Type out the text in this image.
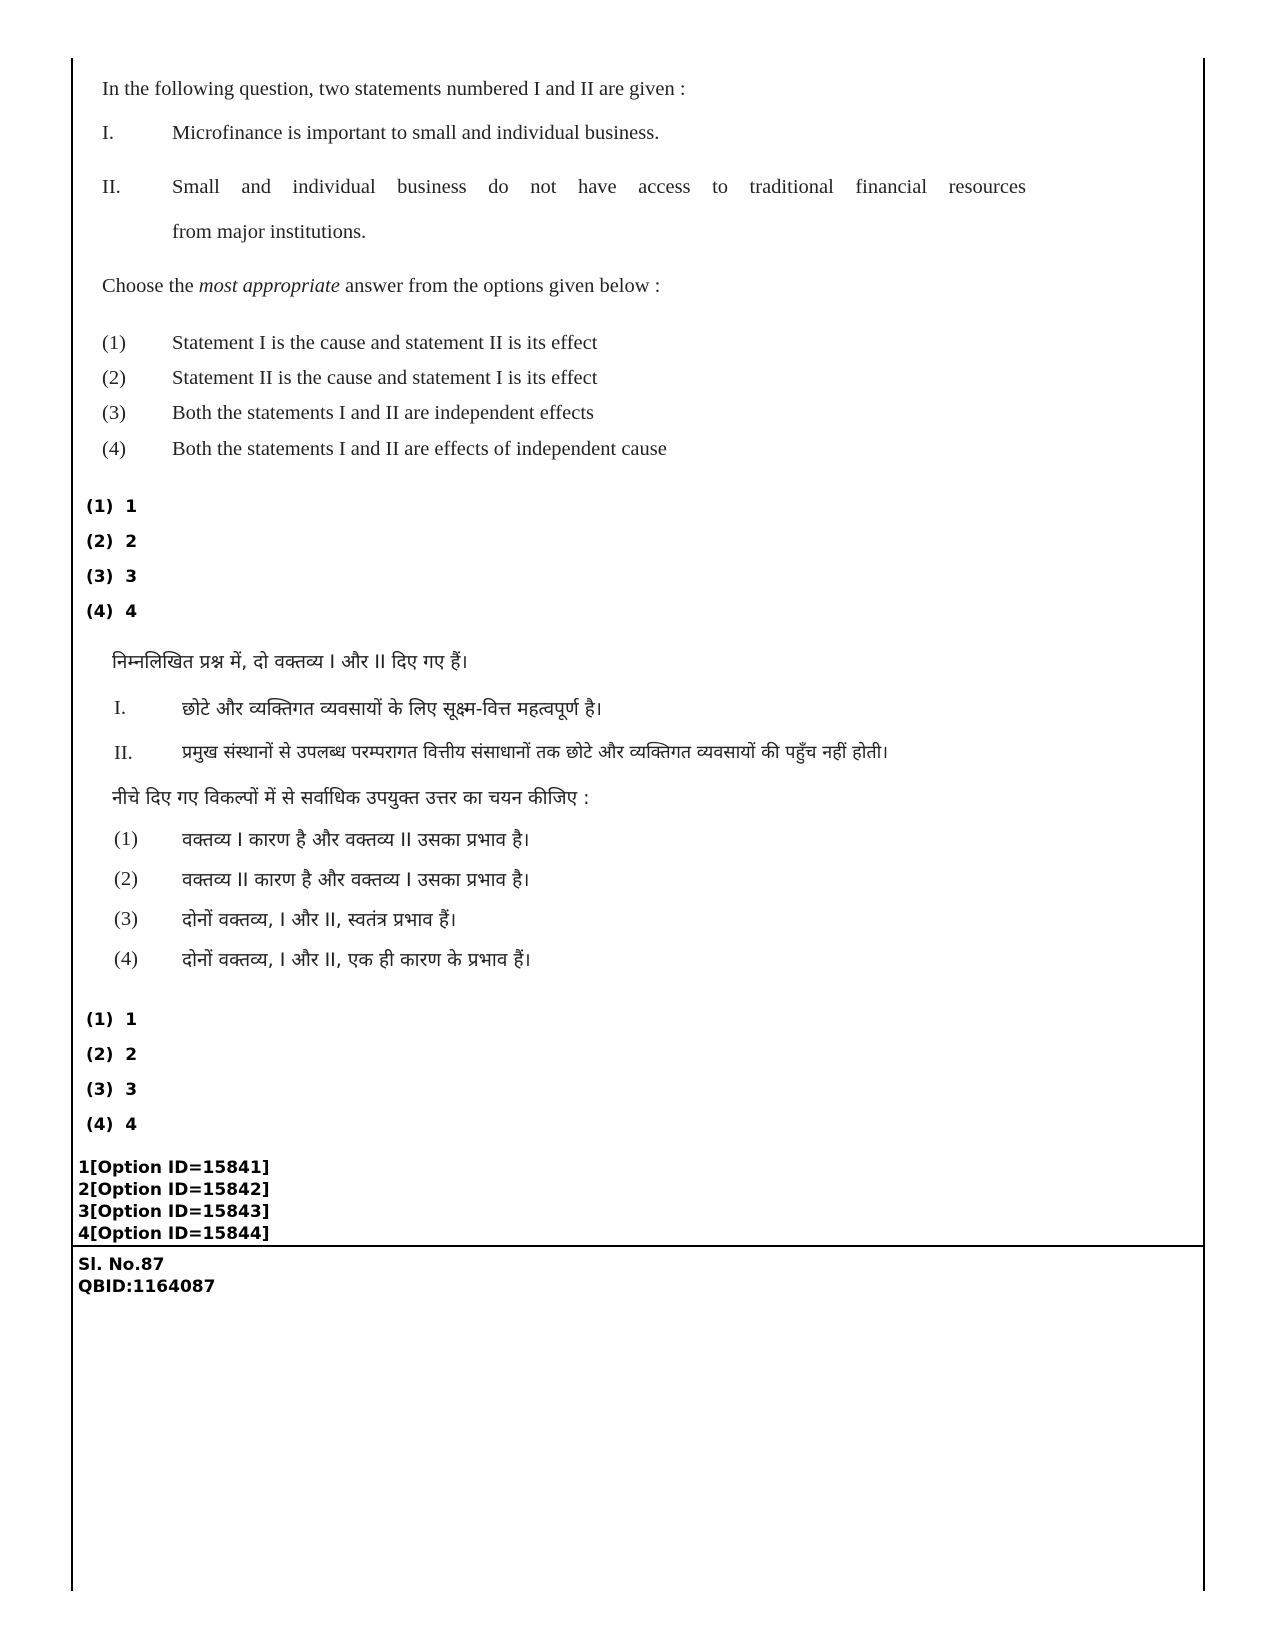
In the following question, two statements numbered I and II are given :
I.	Microfinance is important to small and individual business.
II. Small and individual business do not have access to traditional financial resources
from major institutions.
Choose the most appropriate answer from the options given below :
(1) Statement I is the cause and statement II is its effect
(2) Statement II is the cause and statement I is its effect
(3) Both the statements I and II are independent effects
(4) Both the statements I and II are effects of independent cause
(1) 1
(2) 2
(3) 3
(4) 4
निम्नलिखित प्रश्न में, दो वक्तव्य I और II दिए गए हैं।
I.	छोटे और व्यक्तिगत व्यवसायों के लिए सूक्ष्म-वित्त महत्वपूर्ण है।
II.	प्रमुख संस्थानों से उपलब्ध परम्परागत वित्तीय संसाधानों तक छोटे और व्यक्तिगत व्यवसायों की पहुँच नहीं होती।
नीचे दिए गए विकल्पों में से सर्वाधिक उपयुक्त उत्तर का चयन कीजिए :
(1) वक्तव्य I कारण है और वक्तव्य II उसका प्रभाव है।
(2) वक्तव्य II कारण है और वक्तव्य I उसका प्रभाव है।
(3) दोनों वक्तव्य, I और II, स्वतंत्र प्रभाव हैं।
(4) दोनों वक्तव्य, I और II, एक ही कारण के प्रभाव हैं।
(1) 1
(2) 2
(3) 3
(4) 4
1[Option ID=15841]
2[Option ID=15842]
3[Option ID=15843]
4[Option ID=15844]
Sl. No.87
QBID:1164087
